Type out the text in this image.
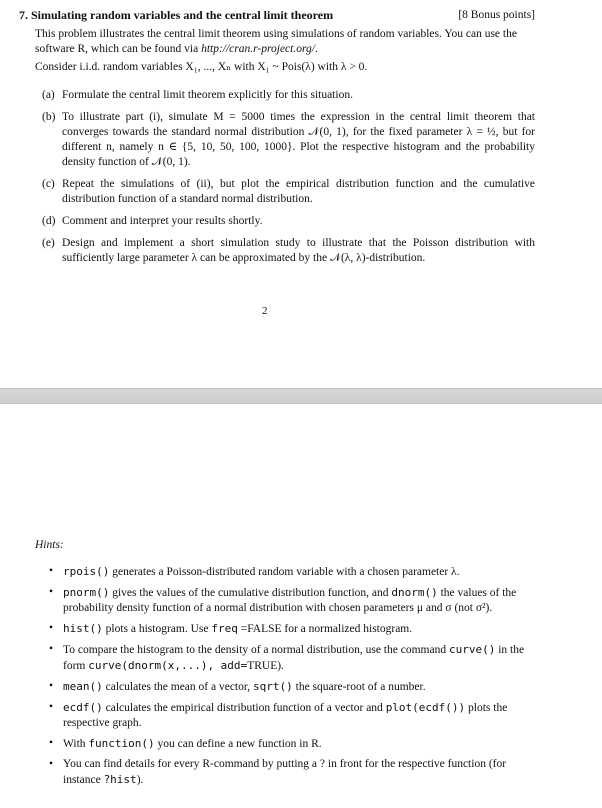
7. Simulating random variables and the central limit theorem	[8 Bonus points]

This problem illustrates the central limit theorem using simulations of random variables. You can use the software R, which can be found via http://cran.r-project.org/.

Consider i.i.d. random variables X₁, ..., Xₙ with X₁ ~ Pois(λ) with λ > 0.

(a) Formulate the central limit theorem explicitly for this situation.
(b) To illustrate part (i), simulate M = 5000 times the expression in the central limit theorem that converges towards the standard normal distribution 𝒩(0, 1), for the fixed parameter λ = ½, but for different n, namely n ∈ {5, 10, 50, 100, 1000}. Plot the respective histogram and the probability density function of 𝒩(0, 1).
(c) Repeat the simulations of (ii), but plot the empirical distribution function and the cumulative distribution function of a standard normal distribution.
(d) Comment and interpret your results shortly.
(e) Design and implement a short simulation study to illustrate that the Poisson distribution with sufficiently large parameter λ can be approximated by the 𝒩(λ, λ)-distribution.
2
Hints:
• rpois() generates a Poisson-distributed random variable with a chosen parameter λ.
• pnorm() gives the values of the cumulative distribution function, and dnorm() the values of the probability density function of a normal distribution with chosen parameters μ and σ (not σ²).
• hist() plots a histogram. Use freq =FALSE for a normalized histogram.
• To compare the histogram to the density of a normal distribution, use the command curve() in the form curve(dnorm(x,...), add=TRUE).
• mean() calculates the mean of a vector, sqrt() the square-root of a number.
• ecdf() calculates the empirical distribution function of a vector and plot(ecdf()) plots the respective graph.
• With function() you can define a new function in R.
• You can find details for every R-command by putting a ? in front for the respective function (for instance ?hist).
